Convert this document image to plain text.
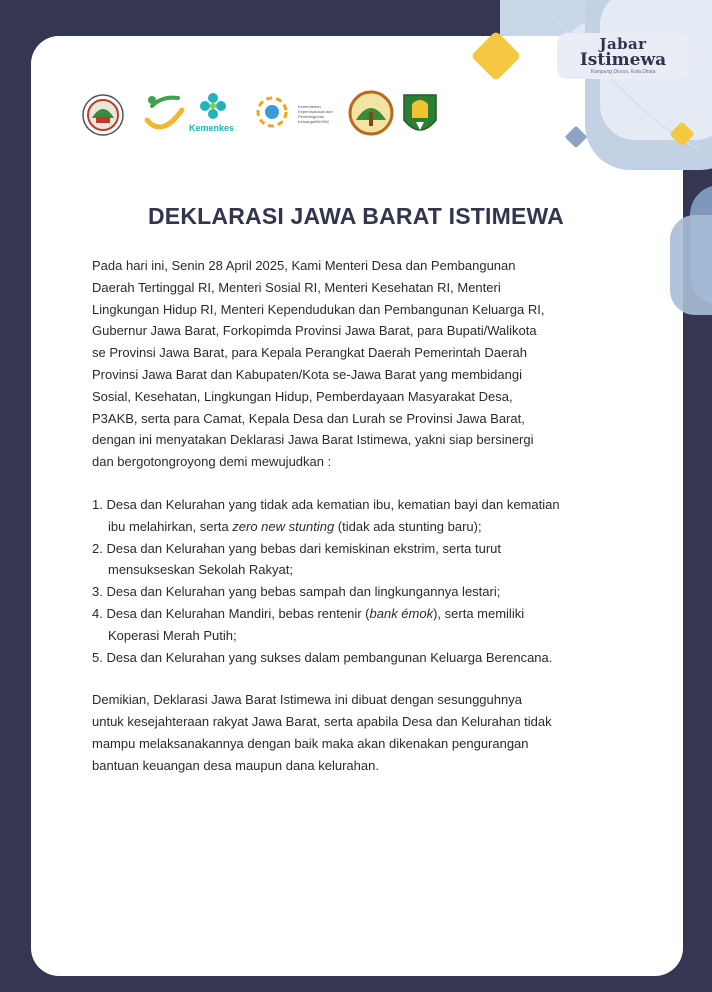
Jabar
Istimewa
Kampung Diurus, Kota Ditata
Kemenkes
Kementerian Kependudukan dan Pembangunan Keluarga/BKKBN
DEKLARASI JAWA BARAT ISTIMEWA

Pada hari ini, Senin 28 April 2025, Kami Menteri Desa dan Pembangunan

Daerah Tertinggal RI, Menteri Sosial RI, Menteri Kesehatan RI, Menteri

Lingkungan Hidup RI, Menteri Kependudukan dan Pembangunan Keluarga RI,

Gubernur Jawa Barat, Forkopimda Provinsi Jawa Barat, para Bupati/Walikota

se Provinsi Jawa Barat, para Kepala Perangkat Daerah Pemerintah Daerah

Provinsi Jawa Barat dan Kabupaten/Kota se-Jawa Barat yang membidangi

Sosial, Kesehatan, Lingkungan Hidup, Pemberdayaan Masyarakat Desa,

P3AKB, serta para Camat, Kepala Desa dan Lurah se Provinsi Jawa Barat,

dengan ini menyatakan Deklarasi Jawa Barat Istimewa, yakni siap bersinergi

dan bergotongroyong demi mewujudkan :

1. Desa dan Kelurahan yang tidak ada kematian ibu, kematian bayi dan kematian
ibu melahirkan, serta zero new stunting (tidak ada stunting baru);
2. Desa dan Kelurahan yang bebas dari kemiskinan ekstrim, serta turut
mensukseskan Sekolah Rakyat;
3. Desa dan Kelurahan yang bebas sampah dan lingkungannya lestari;
4. Desa dan Kelurahan Mandiri, bebas rentenir (bank émok), serta memiliki
Koperasi Merah Putih;
5. Desa dan Kelurahan yang sukses dalam pembangunan Keluarga Berencana.

Demikian, Deklarasi Jawa Barat Istimewa ini dibuat dengan sesungguhnya

untuk kesejahteraan rakyat Jawa Barat, serta apabila Desa dan Kelurahan tidak

mampu melaksanakannya dengan baik maka akan dikenakan pengurangan

bantuan keuangan desa maupun dana kelurahan.
